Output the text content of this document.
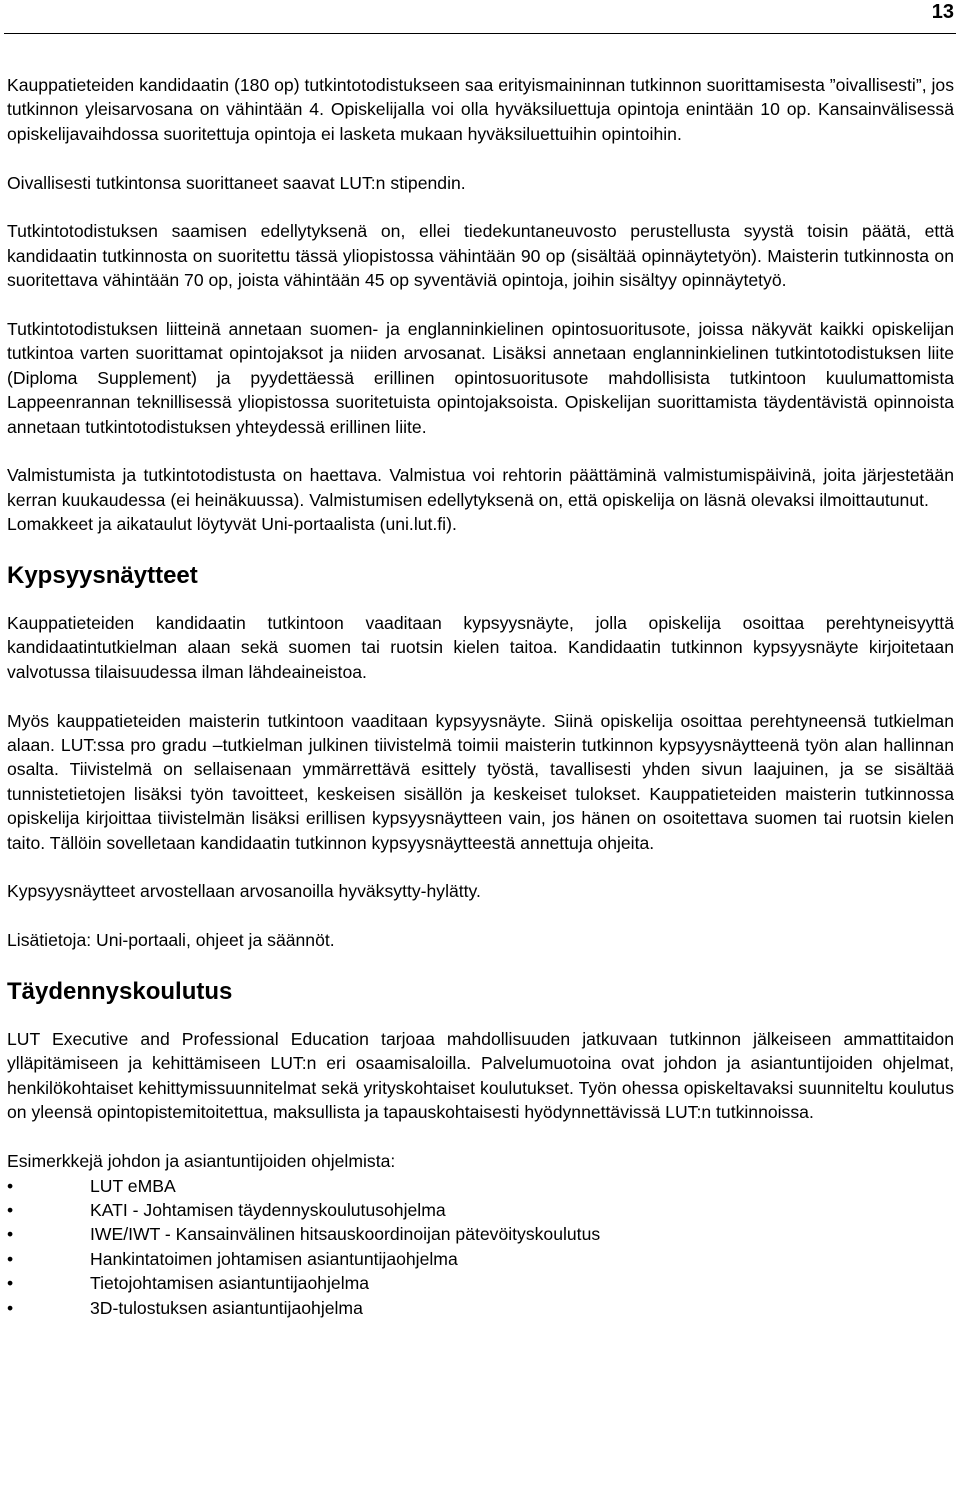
13

Kauppatieteiden kandidaatin (180 op) tutkintotodistukseen saa erityismaininnan tutkinnon suorittamisesta ”oivallisesti”, jos tutkinnon yleisarvosana on vähintään 4. Opiskelijalla voi olla hyväksiluettuja opintoja enintään 10 op. Kansainvälisessä opiskelijavaihdossa suoritettuja opintoja ei lasketa mukaan hyväksiluettuihin opintoihin.

Oivallisesti tutkintonsa suorittaneet saavat LUT:n stipendin.

Tutkintotodistuksen saamisen edellytyksenä on, ellei tiedekuntaneuvosto perustellusta syystä toisin päätä, että kandidaatin tutkinnosta on suoritettu tässä yliopistossa vähintään 90 op (sisältää opinnäytetyön). Maisterin tutkinnosta on suoritettava vähintään 70 op, joista vähintään 45 op syventäviä opintoja, joihin sisältyy opinnäytetyö.

Tutkintotodistuksen liitteinä annetaan suomen- ja englanninkielinen opintosuoritusote, joissa näkyvät kaikki opiskelijan tutkintoa varten suorittamat opintojaksot ja niiden arvosanat. Lisäksi annetaan englanninkielinen tutkintotodistuksen liite (Diploma Supplement) ja pyydettäessä erillinen opintosuoritusote mahdollisista tutkintoon kuulumattomista Lappeenrannan teknillisessä yliopistossa suoritetuista opintojaksoista. Opiskelijan suorittamista täydentävistä opinnoista annetaan tutkintotodistuksen yhteydessä erillinen liite.

Valmistumista ja tutkintotodistusta on haettava. Valmistua voi rehtorin päättäminä valmistumispäivinä, joita järjestetään kerran kuukaudessa (ei heinäkuussa). Valmistumisen edellytyksenä on, että opiskelija on läsnä olevaksi ilmoittautunut.

Lomakkeet ja aikataulut löytyvät Uni-portaalista (uni.lut.fi).

Kypsyysnäytteet

Kauppatieteiden kandidaatin tutkintoon vaaditaan kypsyysnäyte, jolla opiskelija osoittaa perehtyneisyyttä kandidaatintutkielman alaan sekä suomen tai ruotsin kielen taitoa. Kandidaatin tutkinnon kypsyysnäyte kirjoitetaan valvotussa tilaisuudessa ilman lähdeaineistoa.

Myös kauppatieteiden maisterin tutkintoon vaaditaan kypsyysnäyte. Siinä opiskelija osoittaa perehtyneensä tutkielman alaan. LUT:ssa pro gradu –tutkielman julkinen tiivistelmä toimii maisterin tutkinnon kypsyysnäytteenä työn alan hallinnan osalta. Tiivistelmä on sellaisenaan ymmärrettävä esittely työstä, tavallisesti yhden sivun laajuinen, ja se sisältää tunnistetietojen lisäksi työn tavoitteet, keskeisen sisällön ja keskeiset tulokset. Kauppatieteiden maisterin tutkinnossa opiskelija kirjoittaa tiivistelmän lisäksi erillisen kypsyysnäytteen vain, jos hänen on osoitettava suomen tai ruotsin kielen taito. Tällöin sovelletaan kandidaatin tutkinnon kypsyysnäytteestä annettuja ohjeita.

Kypsyysnäytteet arvostellaan arvosanoilla hyväksytty-hylätty.

Lisätietoja: Uni-portaali, ohjeet ja säännöt.

Täydennyskoulutus

LUT Executive and Professional Education tarjoaa mahdollisuuden jatkuvaan tutkinnon jälkeiseen ammattitaidon ylläpitämiseen ja kehittämiseen LUT:n eri osaamisaloilla. Palvelumuotoina ovat johdon ja asiantuntijoiden ohjelmat, henkilökohtaiset kehittymissuunnitelmat sekä yrityskohtaiset koulutukset. Työn ohessa opiskeltavaksi suunniteltu koulutus on yleensä opintopistemitoitettua, maksullista ja tapauskohtaisesti hyödynnettävissä LUT:n tutkinnoissa.

Esimerkkejä johdon ja asiantuntijoiden ohjelmista:

•	LUT eMBA
•	KATI - Johtamisen täydennyskoulutusohjelma
•	IWE/IWT - Kansainvälinen hitsauskoordinoijan pätevöityskoulutus
•	Hankintatoimen johtamisen asiantuntijaohjelma
•	Tietojohtamisen asiantuntijaohjelma
•	3D-tulostuksen asiantuntijaohjelma
